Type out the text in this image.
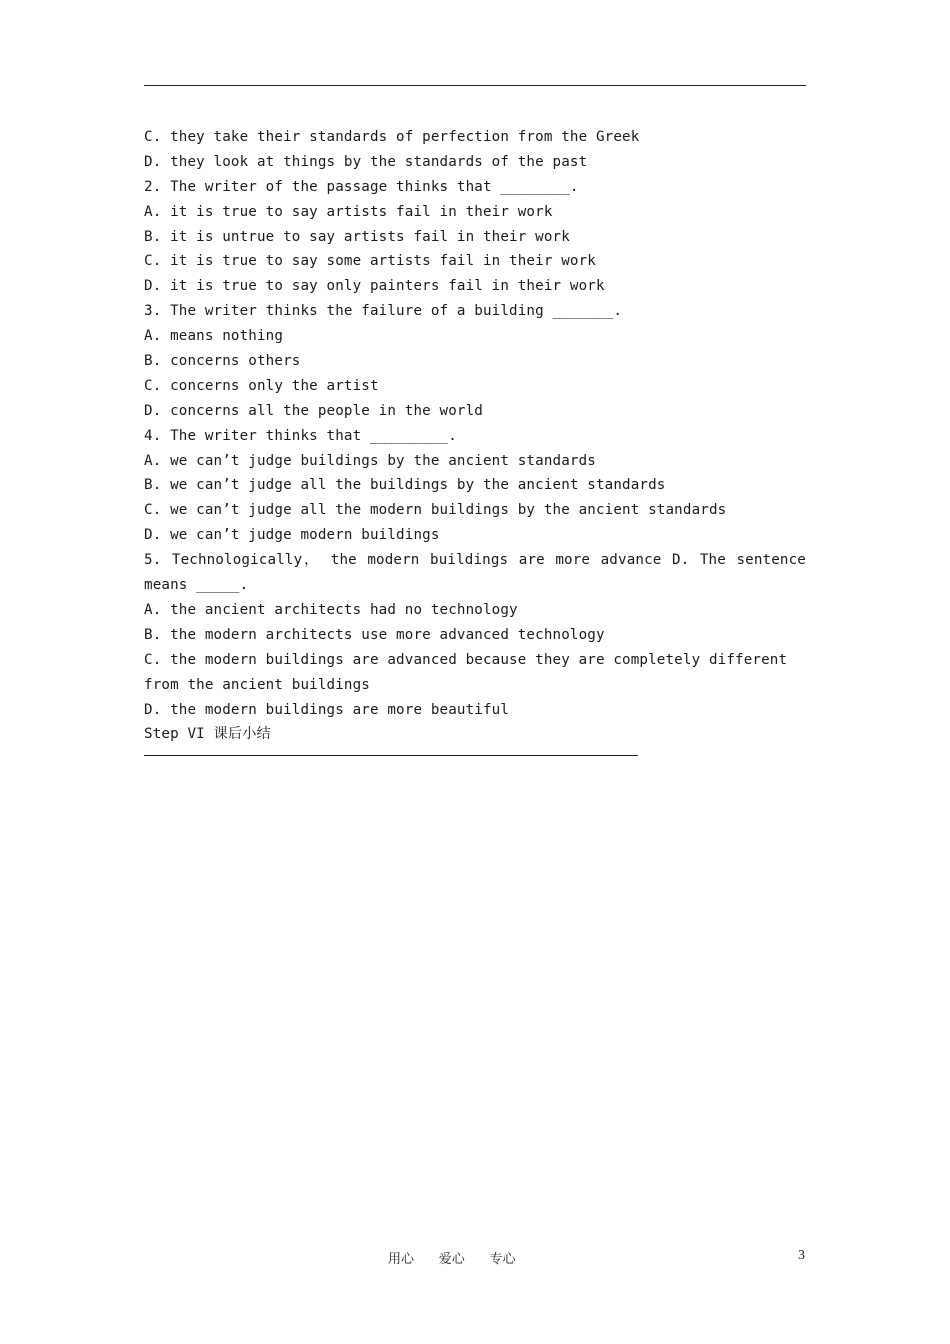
C. they take their standards of perfection from the Greek
D. they look at things by the standards of the past
2. The writer of the passage thinks that ________.
A. it is true to say artists fail in their work
B. it is untrue to say artists fail in their work
C. it is true to say some artists fail in their work
D. it is true to say only painters fail in their work
3. The writer thinks the failure of a building _______.
A. means nothing
B. concerns others
C. concerns only the artist
D. concerns all the people in the world
4. The writer thinks that _________.
A. we can’t judge buildings by the ancient standards
B. we can’t judge all the buildings by the ancient standards
C. we can’t judge all the modern buildings by the ancient standards
D. we can’t judge modern buildings
5. Technologically， the modern buildings are more advance D. The sentence
means _____.
A. the ancient architects had no technology
B. the modern architects use more advanced technology
C. the modern buildings are advanced because they are completely different from the ancient buildings
D. the modern buildings are more beautiful
Step VI 课后小结
用心      爱心      专心	3
